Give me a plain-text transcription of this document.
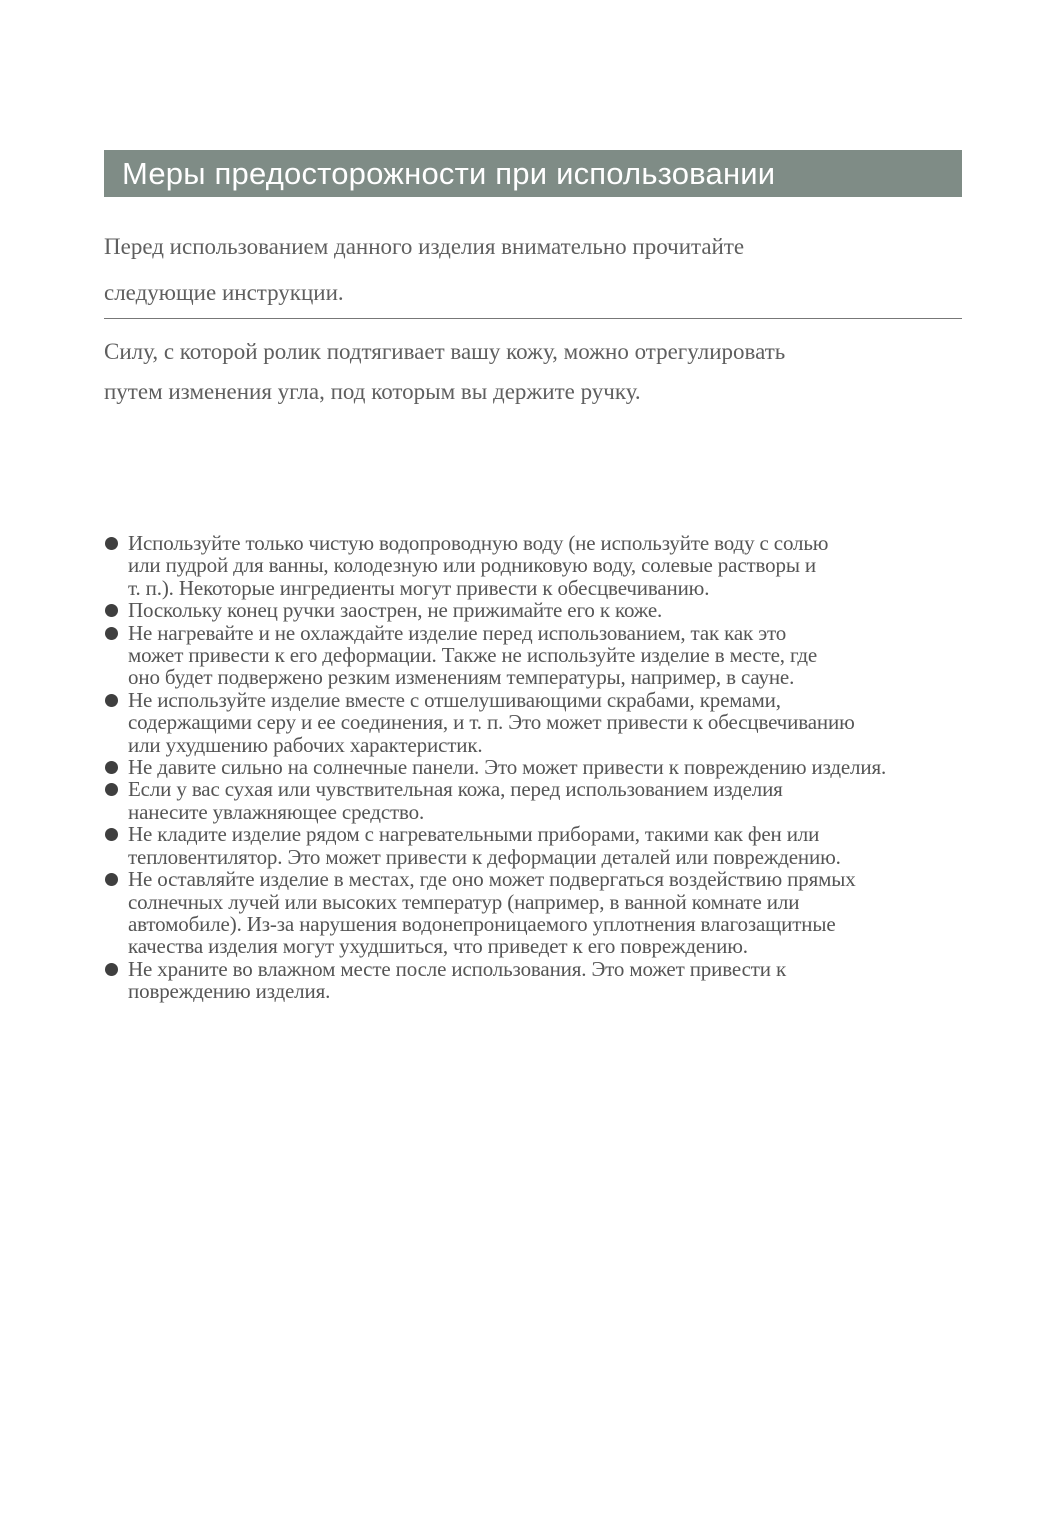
Меры предосторожности при использовании
Перед использованием данного изделия внимательно прочитайте
следующие инструкции.
Силу, с которой ролик подтягивает вашу кожу, можно отрегулировать
путем изменения угла, под которым вы держите ручку.
Используйте только чистую водопроводную воду (не используйте воду с солью
или пудрой для ванны, колодезную или родниковую воду, солевые растворы и
т. п.). Некоторые ингредиенты могут привести к обесцвечиванию.
Поскольку конец ручки заострен, не прижимайте его к коже.
Не нагревайте и не охлаждайте изделие перед использованием, так как это
может привести к его деформации. Также не используйте изделие в месте, где
оно будет подвержено резким изменениям температуры, например, в сауне.
Не используйте изделие вместе с отшелушивающими скрабами, кремами,
содержащими серу и ее соединения, и т. п. Это может привести к обесцвечиванию
или ухудшению рабочих характеристик.
Не давите сильно на солнечные панели. Это может привести к повреждению изделия.
Если у вас сухая или чувствительная кожа, перед использованием изделия
нанесите увлажняющее средство.
Не кладите изделие рядом с нагревательными приборами, такими как фен или
тепловентилятор. Это может привести к деформации деталей или повреждению.
Не оставляйте изделие в местах, где оно может подвергаться воздействию прямых
солнечных лучей или высоких температур (например, в ванной комнате или
автомобиле). Из-за нарушения водонепроницаемого уплотнения влагозащитные
качества изделия могут ухудшиться, что приведет к его повреждению.
Не храните во влажном месте после использования. Это может привести к
повреждению изделия.
